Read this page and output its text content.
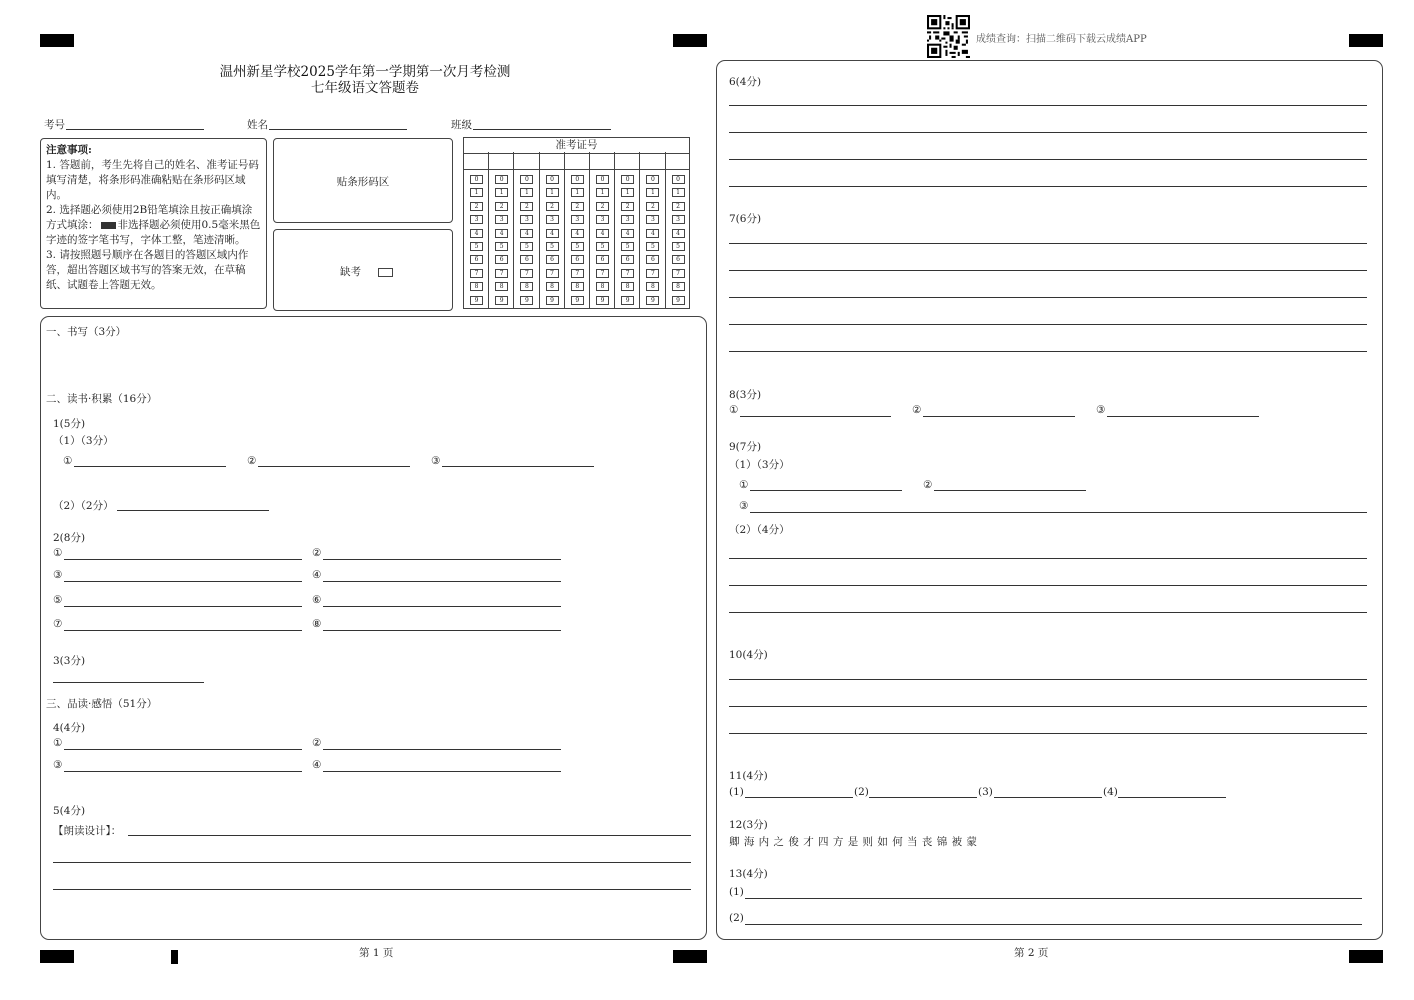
成绩查询：扫描二维码下载云成绩APP
温州新星学校2025学年第一学期第一次月考检测
七年级语文答题卷
考号	姓名	班级

注意事项:

1. 答题前，考生先将自己的姓名、准考证号码填写清楚，将条形码准确粘贴在条形码区域内。

2. 选择题必须使用2B铅笔填涂且按正确填涂方式填涂： 非选择题必须使用0.5毫米黑色字迹的签字笔书写，字体工整，笔迹清晰。

3. 请按照题号顺序在各题目的答题区域内作答，超出答题区域书写的答案无效，在草稿纸、试题卷上答题无效。

贴条形码区
缺考
准考证号
0
1
2
3
4
5
6
7
8
9
0
1
2
3
4
5
6
7
8
9
0
1
2
3
4
5
6
7
8
9
0
1
2
3
4
5
6
7
8
9
0
1
2
3
4
5
6
7
8
9
0
1
2
3
4
5
6
7
8
9
0
1
2
3
4
5
6
7
8
9
0
1
2
3
4
5
6
7
8
9
0
1
2
3
4
5
6
7
8
9
一、书写（3分）
二、读书·积累（16分）
1(5分)
（1）（3分）
①	②	③
（2）（2分）
2(8分)
①	②
③	④
⑤	⑥
⑦	⑧
3(3分)
三、品读·感悟（51分）
4(4分)
①	②
③	④
5(4分)
【朗读设计】：
第 1 页
6(4分)
7(6分)
8(3分)
①	②	③
9(7分)
（1）（3分）
①	②
③
（2）（4分）
10(4分)
11(4分)
(1)	(2)	(3)	(4)
12(3分)
卿 海 内 之 俊 才 四 方 是 则 如 何 当 丧 锦 被 蒙
13(4分)
(1)
(2)
第 2 页
